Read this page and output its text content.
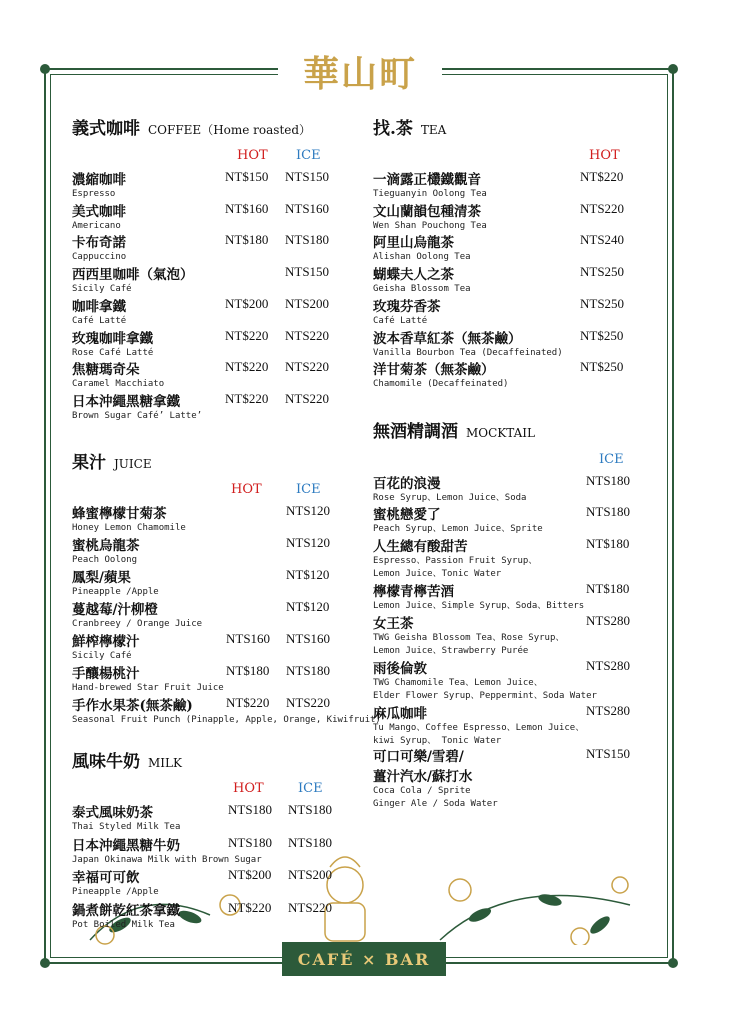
華山町
義式咖啡 COFFEE（Home roasted）
HOT ICE
果汁 JUICE
HOT	ICE
風味牛奶 MILK
HOT	ICE
找.茶 TEA
HOT
無酒精調酒 MOCKTAIL
ICE
CAFÉ × BAR
濃縮咖啡
Espresso
NT$150 NTS150
美式咖啡
Americano
NT$160 NTS160
卡布奇諾
Cappuccino
NT$180 NTS180
西西里咖啡（氣泡）
Sicily Café
NTS150
咖啡拿鐵
Café Latté
NT$200 NTS200
玫瑰咖啡拿鐵
Rose Café Latté
NT$220 NTS220
焦糖瑪奇朵
Caramel Macchiato
NT$220 NTS220
日本沖繩黑糖拿鐵
Brown Sugar Café’ Latte’
NT$220 NTS220
蜂蜜檸檬甘菊茶
Honey Lemon Chamomile
NTS120
蜜桃烏龍茶
Peach Oolong
NTS120
鳳梨/蘋果
Pineapple /Apple
NT$120
蔓越莓/汁柳橙
Cranbreey / Orange Juice
NT$120
鮮榨檸檬汁
Sicily Café
NTS160 NTS160
手釀楊桃汁
Hand-brewed Star Fruit Juice
NT$180 NTS180
手作水果茶(無茶鹼)
Seasonal Fruit Punch (Pinapple, Apple, Orange, Kiwifruit)
NT$220 NTS220
泰式風味奶茶
Thai Styled Milk Tea
NTS180 NTS180
日本沖繩黑糖牛奶
Japan Okinawa Milk with Brown Sugar
NTS180 NTS180
幸福可可飲
Pineapple /Apple
NT$200 NTS200
鍋煮餅乾紅茶拿鐵
Pot Boiled Milk Tea
NT$220 NTS220
一滴露正欉鐵觀音
Tieguanyin Oolong Tea
NT$220
文山蘭韻包種清茶
Wen Shan Pouchong Tea
NTS220
阿里山烏龍茶
Alishan Oolong Tea
NTS240
蝴蝶夫人之茶
Geisha Blossom Tea
NTS250
玫瑰芬香茶
Café Latté
NTS250
波本香草紅茶（無茶鹼）
Vanilla Bourbon Tea (Decaffeinated)
NT$250
洋甘菊茶（無茶鹼）
Chamomile (Decaffeinated)
NT$250
百花的浪漫
Rose Syrup、Lemon Juice、Soda
NTS180
蜜桃戀愛了
Peach Syrup、Lemon Juice、Sprite
NTS180
人生總有酸甜苦
Espresso、Passion Fruit Syrup、
Lemon Juice、Tonic Water
NT$180
檸檬青檸苦酒
Lemon Juice、Simple Syrup、Soda、Bitters
NT$180
女王茶
TWG Geisha Blossom Tea、Rose Syrup、
Lemon Juice、Strawberry Purée
NTS280
雨後倫敦
TWG Chamomile Tea、Lemon Juice、
Elder Flower Syrup、Peppermint、Soda Water
NTS280
麻瓜咖啡
Tu Mango、Coffee Espresso、Lemon Juice、
kiwi Syrup、 Tonic Water
NTS280
可口可樂/雪碧/
薑汁汽水/蘇打水
Coca Cola / Sprite
Ginger Ale / Soda Water
NTS150
